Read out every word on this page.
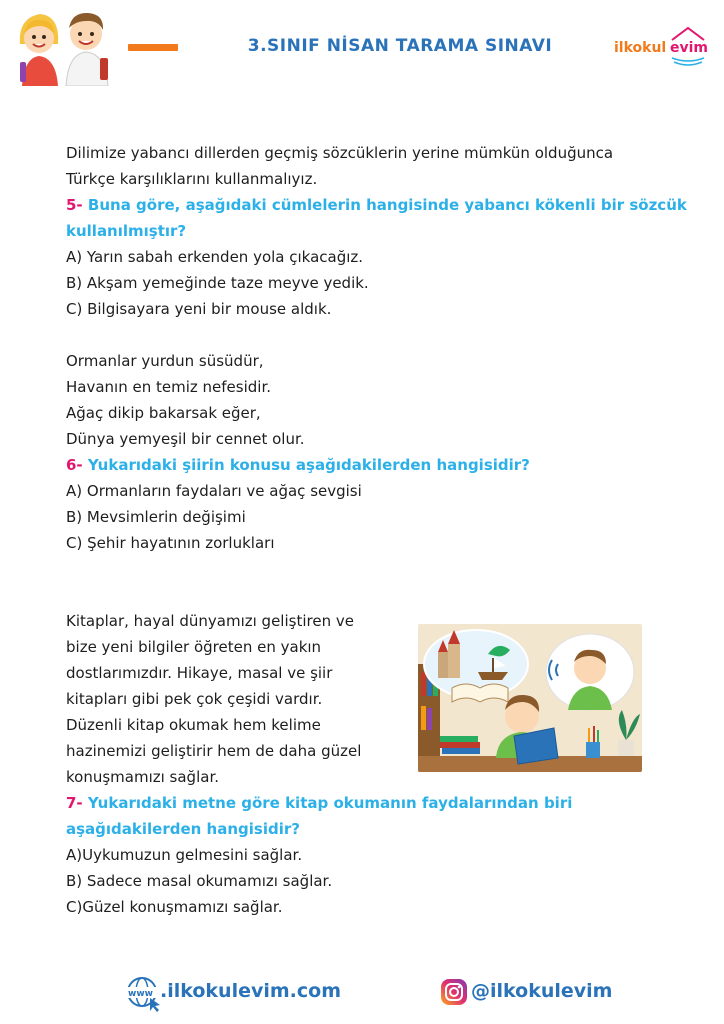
3.SINIF NİSAN TARAMA SINAVI	ilkokul evim
Dilimize yabancı dillerden geçmiş sözcüklerin yerine mümkün olduğunca
Türkçe karşılıklarını kullanmalıyız.
5- Buna göre, aşağıdaki cümlelerin hangisinde yabancı kökenli bir sözcük
kullanılmıştır?
A) Yarın sabah erkenden yola çıkacağız.
B) Akşam yemeğinde taze meyve yedik.
C) Bilgisayara yeni bir mouse aldık.
Ormanlar yurdun süsüdür,
Havanın en temiz nefesidir.
Ağaç dikip bakarsak eğer,
Dünya yemyeşil bir cennet olur.
6- Yukarıdaki şiirin konusu aşağıdakilerden hangisidir?
A) Ormanların faydaları ve ağaç sevgisi
B) Mevsimlerin değişimi
C) Şehir hayatının zorlukları
Kitaplar, hayal dünyamızı geliştiren ve
bize yeni bilgiler öğreten en yakın
dostlarımızdır. Hikaye, masal ve şiir
kitapları gibi pek çok çeşidi vardır.
Düzenli kitap okumak hem kelime
hazinemizi geliştirir hem de daha güzel
konuşmamızı sağlar.
7- Yukarıdaki metne göre kitap okumanın faydalarından biri
aşağıdakilerden hangisidir?
A)Uykumuzun gelmesini sağlar.
B) Sadece masal okumamızı sağlar.
C)Güzel konuşmamızı sağlar.
www .ilkokulevim.com	@ilkokulevim
